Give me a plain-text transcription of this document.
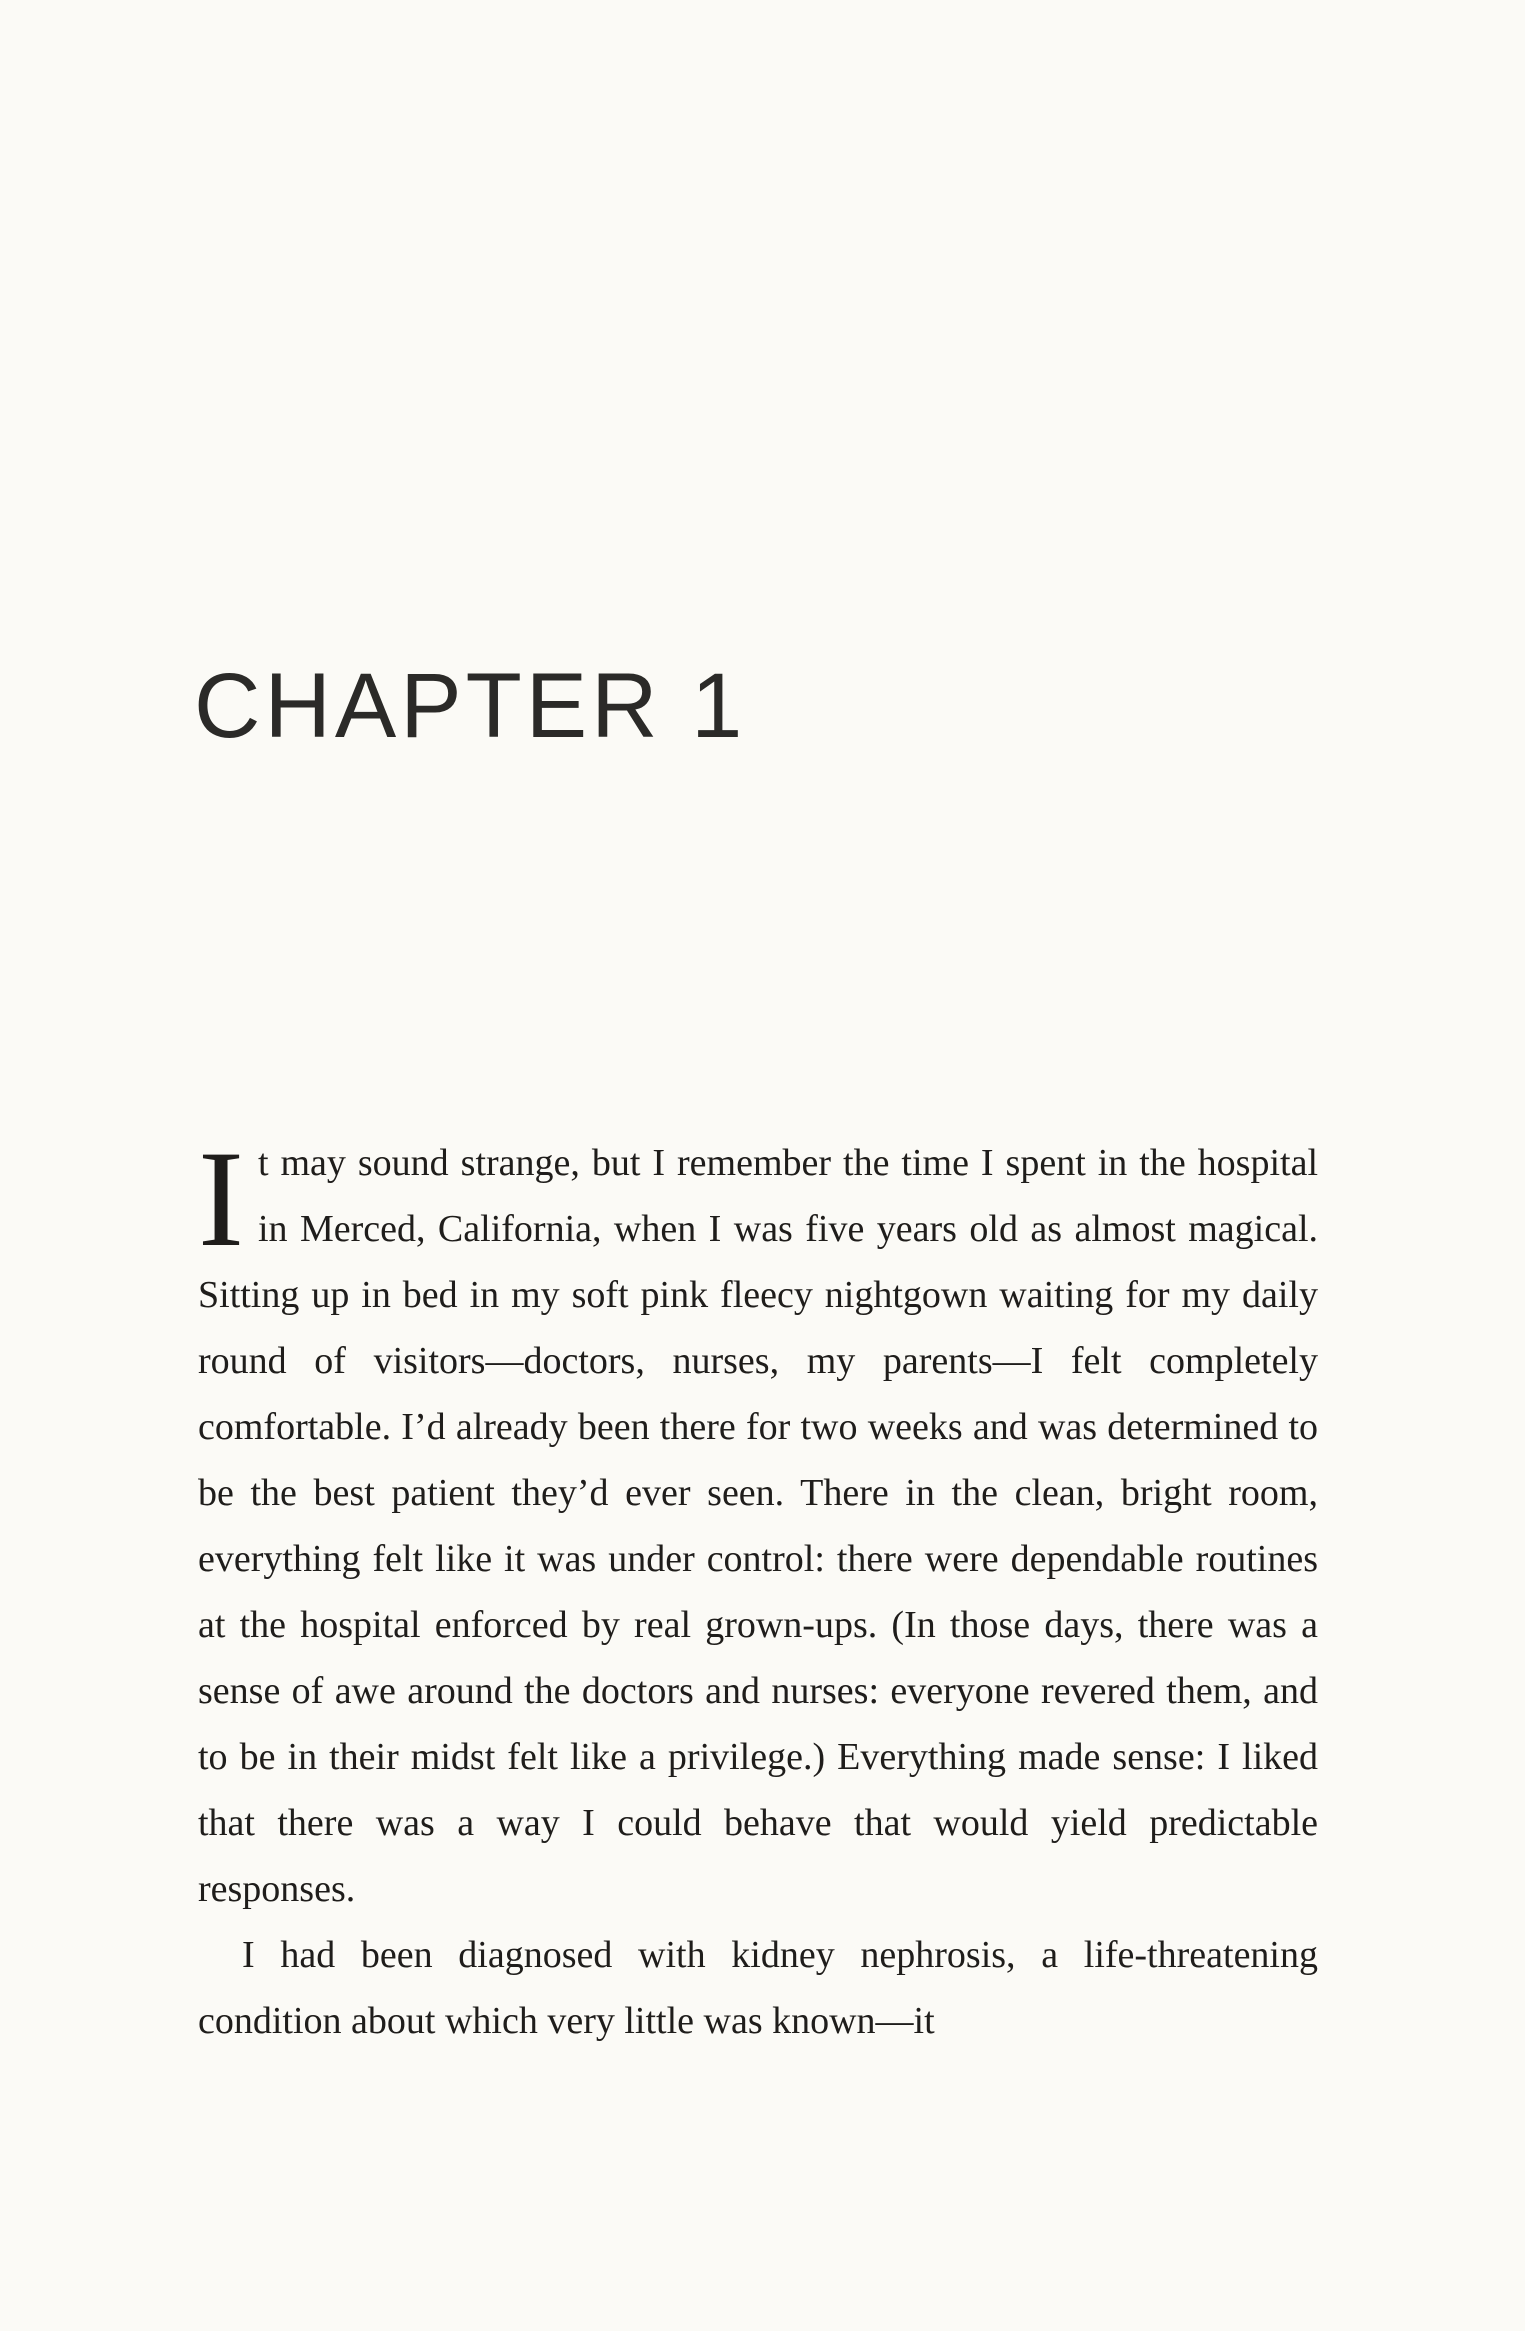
CHAPTER 1

It may sound strange, but I remember the time I spent in the hospital in Merced, California, when I was five years old as almost magical. Sitting up in bed in my soft pink fleecy nightgown waiting for my daily round of visitors—doctors, nurses, my parents—I felt completely comfortable. I’d already been there for two weeks and was determined to be the best patient they’d ever seen. There in the clean, bright room, everything felt like it was under control: there were dependable routines at the hospital enforced by real grown-ups. (In those days, there was a sense of awe around the doctors and nurses: everyone revered them, and to be in their midst felt like a privilege.) Everything made sense: I liked that there was a way I could behave that would yield predictable responses.

I had been diagnosed with kidney nephrosis, a life-threatening condition about which very little was known—it
